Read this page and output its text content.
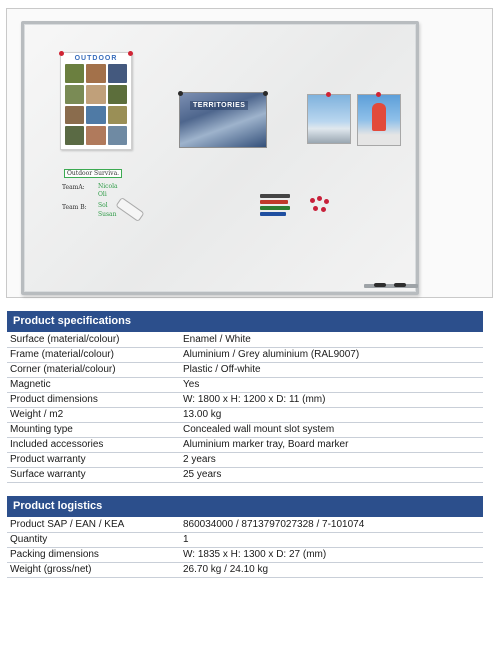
OUTDOOR
TERRITORIES
Outdoor Surviva.
TeamA: Nicola
Oli
Team B: Sol
Susan
Product specifications
Surface (material/colour)	Enamel / White
Frame (material/colour)	Aluminium / Grey aluminium (RAL9007)
Corner (material/colour)	Plastic / Off-white
Magnetic	Yes
Product dimensions	W: 1800 x H: 1200 x D: 11 (mm)
Weight / m2	13.00 kg
Mounting type	Concealed wall mount slot system
Included accessories	Aluminium marker tray, Board marker
Product warranty	2 years
Surface warranty	25 years
Product logistics
Product SAP / EAN / KEA	860034000 / 8713797027328 / 7-101074
Quantity	1
Packing dimensions	W: 1835 x H: 1300 x D: 27 (mm)
Weight (gross/net)	26.70 kg / 24.10 kg
